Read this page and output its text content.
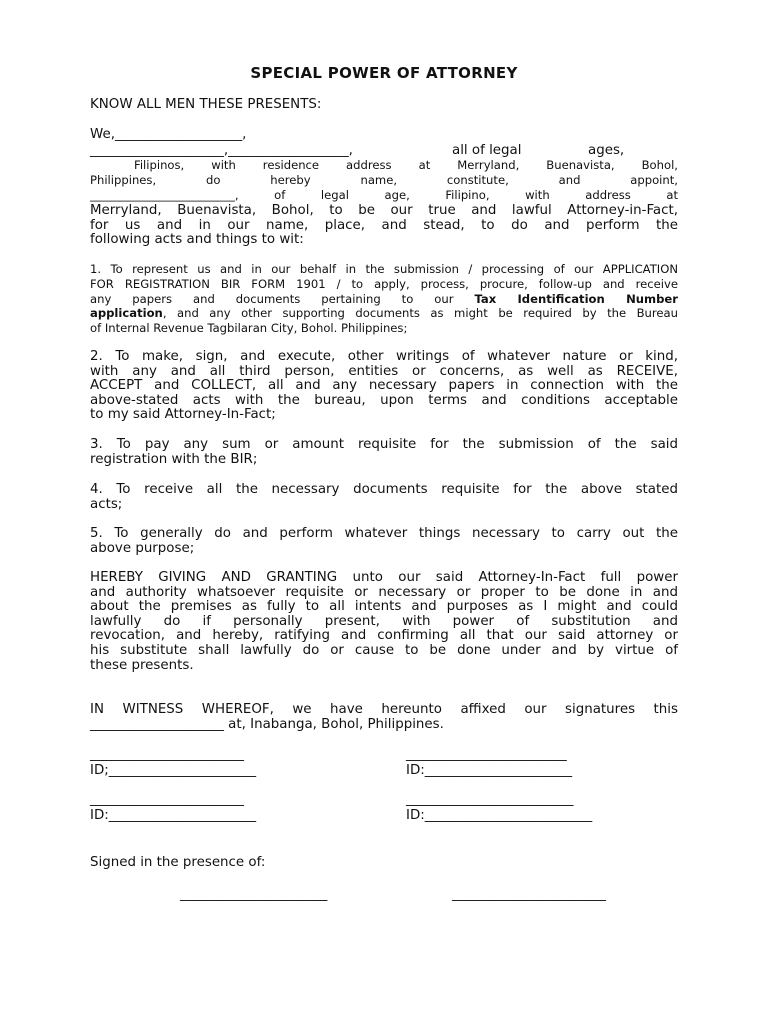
SPECIAL POWER OF ATTORNEY
KNOW ALL MEN THESE PRESENTS:
We,___________________,
____________________,__________________,	all of legal	ages,
Filipinos, with residence address at Merryland, Buenavista, Bohol,
Philippines, do hereby name, constitute, and appoint,
_________________________, of legal age, Filipino, with address at
Merryland, Buenavista, Bohol, to be our true and lawful Attorney-in-Fact,
for us and in our name, place, and stead, to do and perform the
following acts and things to wit:
1. To represent us and in our behalf in the submission / processing of our APPLICATION
FOR REGISTRATION BIR FORM 1901 / to apply, process, procure, follow-up and receive
any papers and documents pertaining to our Tax Identification Number
application, and any other supporting documents as might be required by the Bureau
of Internal Revenue Tagbilaran City, Bohol. Philippines;
2. To make, sign, and execute, other writings of whatever nature or kind,
with any and all third person, entities or concerns, as well as RECEIVE,
ACCEPT and COLLECT, all and any necessary papers in connection with the
above-stated acts with the bureau, upon terms and conditions acceptable
to my said Attorney-In-Fact;
3. To pay any sum or amount requisite for the submission of the said
registration with the BIR;
4. To receive all the necessary documents requisite for the above stated
acts;
5. To generally do and perform whatever things necessary to carry out the
above purpose;
HEREBY GIVING AND GRANTING unto our said Attorney-In-Fact full power
and authority whatsoever requisite or necessary or proper to be done in and
about the premises as fully to all intents and purposes as I might and could
lawfully do if personally present, with power of substitution and
revocation, and hereby, ratifying and confirming all that our said attorney or
his substitute shall lawfully do or cause to be done under and by virtue of
these presents.
IN WITNESS WHEREOF, we have hereunto affixed our signatures this
____________________ at, Inabanga, Bohol, Philippines.
_______________________	________________________
ID;______________________	ID:______________________
_______________________	_________________________
ID:______________________	ID:_________________________
Signed in the presence of:
______________________	_______________________
